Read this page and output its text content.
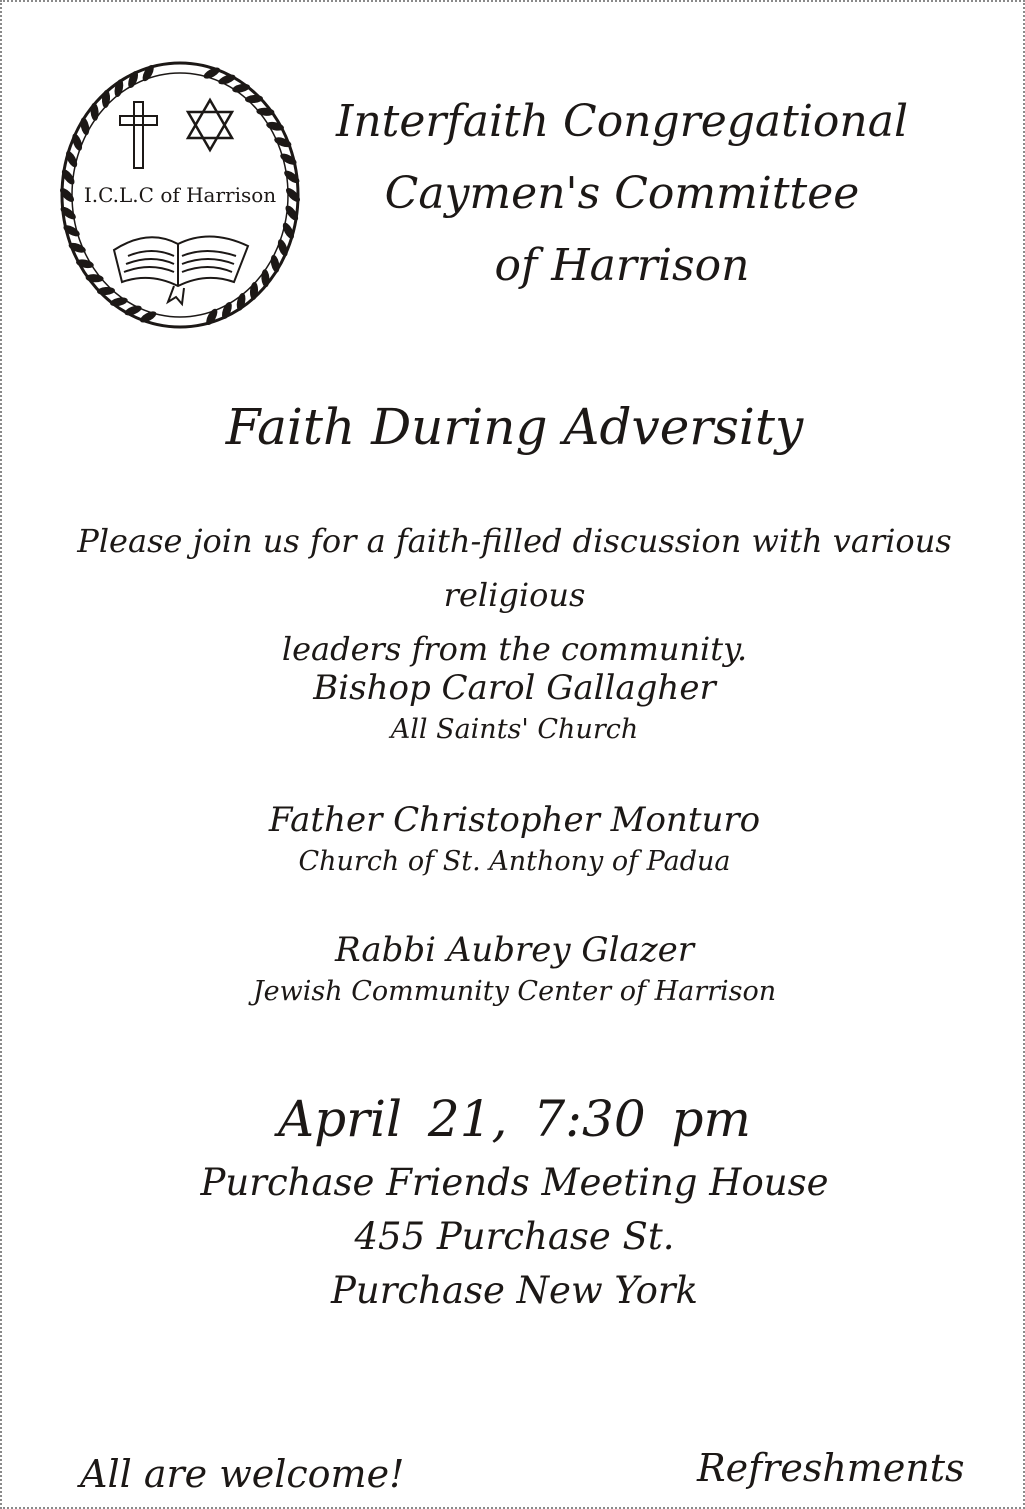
I.C.L.C of Harrison
Interfaith Congregational
Caymen's Committee
of Harrison
Faith During Adversity
Please join us for a faith-filled discussion with various religious
leaders from the community.
Bishop Carol Gallagher
All Saints' Church
Father Christopher Monturo
Church of St. Anthony of Padua
Rabbi Aubrey Glazer
Jewish Community Center of Harrison
April 21, 7:30 pm
Purchase Friends Meeting House
455 Purchase St.
Purchase New York
All are welcome!	Refreshments
